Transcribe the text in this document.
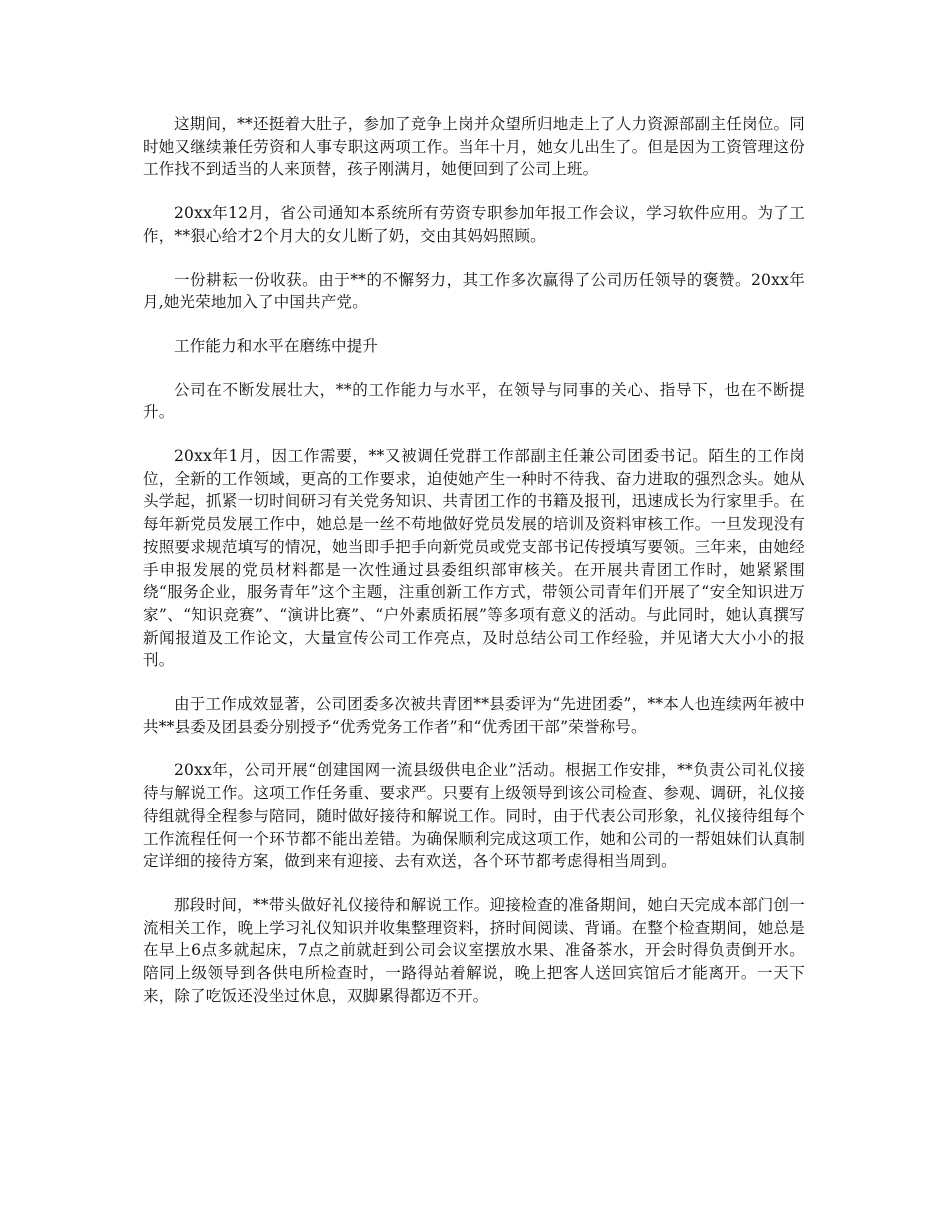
这期间，**还挺着大肚子，参加了竞争上岗并众望所归地走上了人力资源部副主任岗位。同时她又继续兼任劳资和人事专职这两项工作。当年十月，她女儿出生了。但是因为工资管理这份工作找不到适当的人来顶替，孩子刚满月，她便回到了公司上班。

20xx年12月，省公司通知本系统所有劳资专职参加年报工作会议，学习软件应用。为了工作，**狠心给才2个月大的女儿断了奶，交由其妈妈照顾。

一份耕耘一份收获。由于**的不懈努力，其工作多次赢得了公司历任领导的褒赞。20xx年月,她光荣地加入了中国共产党。

工作能力和水平在磨练中提升

公司在不断发展壮大，**的工作能力与水平，在领导与同事的关心、指导下，也在不断提升。

20xx年1月，因工作需要，**又被调任党群工作部副主任兼公司团委书记。陌生的工作岗位，全新的工作领域，更高的工作要求，迫使她产生一种时不待我、奋力进取的强烈念头。她从头学起，抓紧一切时间研习有关党务知识、共青团工作的书籍及报刊，迅速成长为行家里手。在每年新党员发展工作中，她总是一丝不苟地做好党员发展的培训及资料审核工作。一旦发现没有按照要求规范填写的情况，她当即手把手向新党员或党支部书记传授填写要领。三年来，由她经手申报发展的党员材料都是一次性通过县委组织部审核关。在开展共青团工作时，她紧紧围绕“服务企业，服务青年”这个主题，注重创新工作方式，带领公司青年们开展了“安全知识进万家”、“知识竞赛”、“演讲比赛”、“户外素质拓展”等多项有意义的活动。与此同时，她认真撰写新闻报道及工作论文，大量宣传公司工作亮点，及时总结公司工作经验，并见诸大大小小的报刊。

由于工作成效显著，公司团委多次被共青团**县委评为“先进团委”，**本人也连续两年被中共**县委及团县委分别授予“优秀党务工作者”和“优秀团干部”荣誉称号。

20xx年，公司开展“创建国网一流县级供电企业”活动。根据工作安排，**负责公司礼仪接待与解说工作。这项工作任务重、要求严。只要有上级领导到该公司检查、参观、调研，礼仪接待组就得全程参与陪同，随时做好接待和解说工作。同时，由于代表公司形象，礼仪接待组每个工作流程任何一个环节都不能出差错。为确保顺利完成这项工作，她和公司的一帮姐妹们认真制定详细的接待方案，做到来有迎接、去有欢送，各个环节都考虑得相当周到。

那段时间，**带头做好礼仪接待和解说工作。迎接检查的准备期间，她白天完成本部门创一流相关工作，晚上学习礼仪知识并收集整理资料，挤时间阅读、背诵。在整个检查期间，她总是在早上6点多就起床，7点之前就赶到公司会议室摆放水果、准备茶水，开会时得负责倒开水。陪同上级领导到各供电所检查时，一路得站着解说，晚上把客人送回宾馆后才能离开。一天下来，除了吃饭还没坐过休息，双脚累得都迈不开。
